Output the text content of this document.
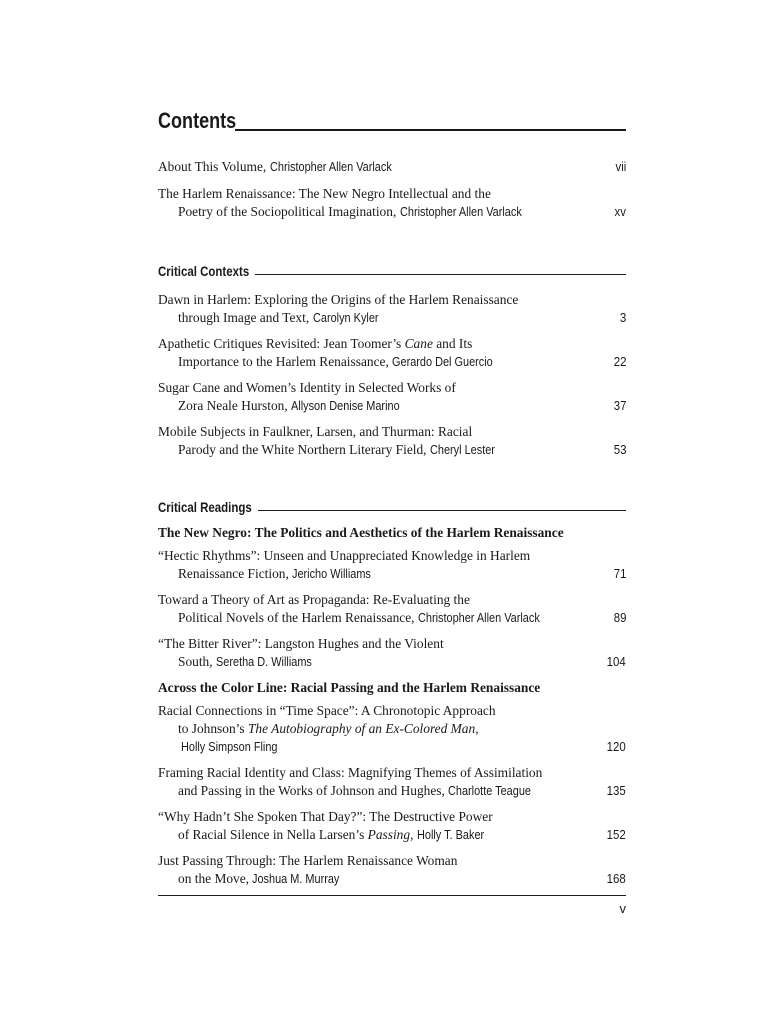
Contents
About This Volume, Christopher Allen Varlack	vii
The Harlem Renaissance: The New Negro Intellectual and the
Poetry of the Sociopolitical Imagination, Christopher Allen Varlack	xv
Critical Contexts
Dawn in Harlem: Exploring the Origins of the Harlem Renaissance
through Image and Text, Carolyn Kyler	3
Apathetic Critiques Revisited: Jean Toomer’s Cane and Its
Importance to the Harlem Renaissance, Gerardo Del Guercio	22
Sugar Cane and Women’s Identity in Selected Works of
Zora Neale Hurston, Allyson Denise Marino	37
Mobile Subjects in Faulkner, Larsen, and Thurman: Racial
Parody and the White Northern Literary Field, Cheryl Lester	53
Critical Readings
The New Negro: The Politics and Aesthetics of the Harlem Renaissance
“Hectic Rhythms”: Unseen and Unappreciated Knowledge in Harlem
Renaissance Fiction, Jericho Williams	71
Toward a Theory of Art as Propaganda: Re-Evaluating the
Political Novels of the Harlem Renaissance, Christopher Allen Varlack	89
“The Bitter River”: Langston Hughes and the Violent
South, Seretha D. Williams	104
Across the Color Line: Racial Passing and the Harlem Renaissance
Racial Connections in “Time Space”: A Chronotopic Approach
to Johnson’s The Autobiography of an Ex-Colored Man,
Holly Simpson Fling	120
Framing Racial Identity and Class: Magnifying Themes of Assimilation
and Passing in the Works of Johnson and Hughes, Charlotte Teague	135
“Why Hadn’t She Spoken That Day?”: The Destructive Power
of Racial Silence in Nella Larsen’s Passing, Holly T. Baker	152
Just Passing Through: The Harlem Renaissance Woman
on the Move, Joshua M. Murray	168
v
